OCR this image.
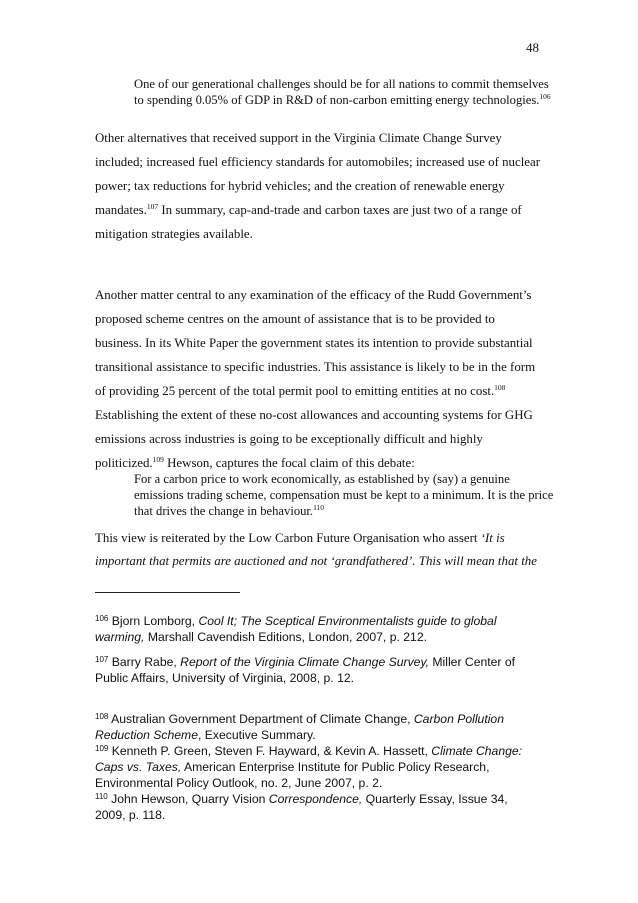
48
One of our generational challenges should be for all nations to commit themselves to spending 0.05% of GDP in R&D of non-carbon emitting energy technologies.$^{106}$
Other alternatives that received support in the Virginia Climate Change Survey
included; increased fuel efficiency standards for automobiles; increased use of nuclear
power; tax reductions for hybrid vehicles; and the creation of renewable energy
mandates.$^{107}$ In summary, cap-and-trade and carbon taxes are just two of a range of
mitigation strategies available.
Another matter central to any examination of the efficacy of the Rudd Government’s
proposed scheme centres on the amount of assistance that is to be provided to
business. In its White Paper the government states its intention to provide substantial
transitional assistance to specific industries. This assistance is likely to be in the form
of providing 25 percent of the total permit pool to emitting entities at no cost.$^{108}$
Establishing the extent of these no-cost allowances and accounting systems for GHG
emissions across industries is going to be exceptionally difficult and highly
politicized.$^{109}$ Hewson, captures the focal claim of this debate:
For a carbon price to work economically, as established by (say) a genuine emissions trading scheme, compensation must be kept to a minimum. It is the price that drives the change in behaviour.$^{110}$
This view is reiterated by the Low Carbon Future Organisation who assert ‘It is
important that permits are auctioned and not ‘grandfathered’. This will mean that the
$^{106}$ Bjorn Lomborg, Cool It; The Sceptical Environmentalists guide to global warming, Marshall Cavendish Editions, London, 2007, p. 212.
$^{107}$ Barry Rabe, Report of the Virginia Climate Change Survey, Miller Center of Public Affairs, University of Virginia, 2008, p. 12.
$^{108}$ Australian Government Department of Climate Change, Carbon Pollution Reduction Scheme, Executive Summary.
$^{109}$ Kenneth P. Green, Steven F. Hayward, & Kevin A. Hassett, Climate Change: Caps vs. Taxes, American Enterprise Institute for Public Policy Research, Environmental Policy Outlook, no. 2, June 2007, p. 2.
$^{110}$ John Hewson, Quarry Vision Correspondence, Quarterly Essay, Issue 34, 2009, p. 118.
